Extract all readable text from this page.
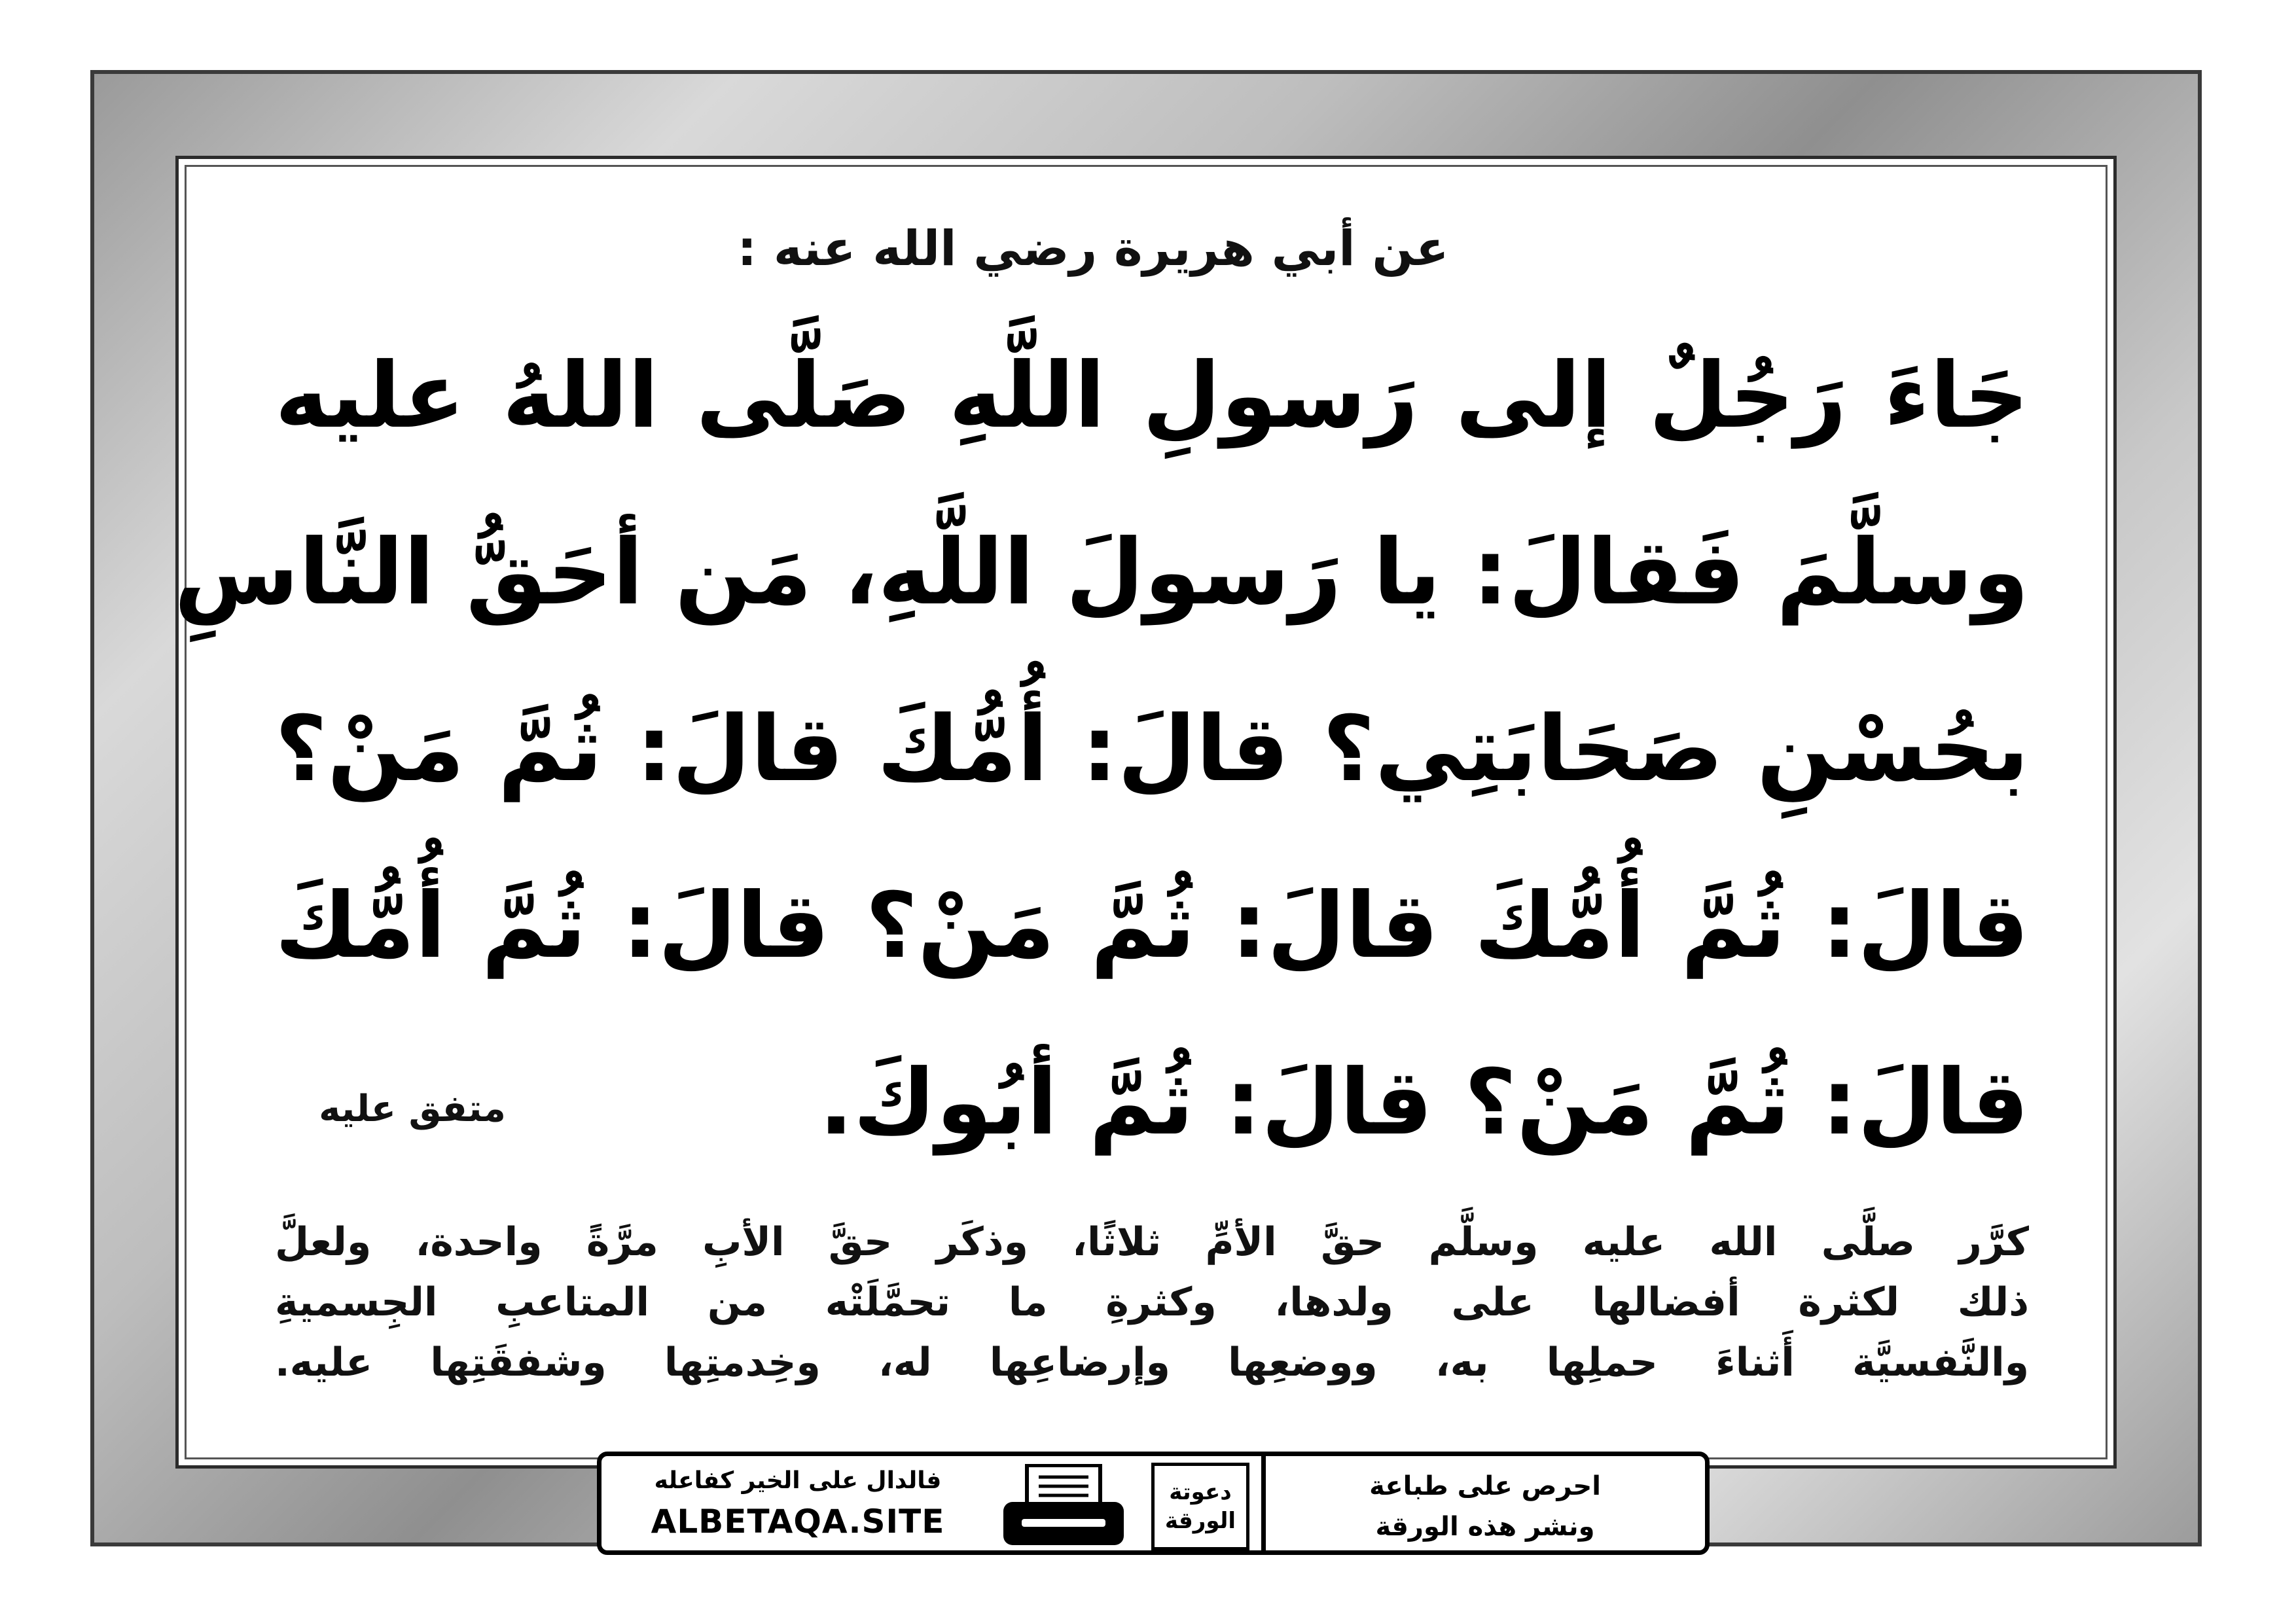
عن أبي هريرة رضي الله عنه :
جَاءَ رَجُلٌ إلى رَسولِ اللَّهِ صَلَّى اللهُ عليه
وسلَّمَ فَقالَ: يا رَسولَ اللَّهِ، مَن أحَقُّ النَّاسِ
بحُسْنِ صَحَابَتِي؟ قالَ: أُمُّكَ قالَ: ثُمَّ مَنْ؟
قالَ: ثُمَّ أُمُّكَ قالَ: ثُمَّ مَنْ؟ قالَ: ثُمَّ أُمُّكَ
قالَ: ثُمَّ مَنْ؟ قالَ: ثُمَّ أبُوكَ.
متفق عليه
كرَّر صلَّى الله عليه وسلَّم حقَّ الأمِّ ثلاثًا، وذكَر حقَّ الأبِ مرَّةً واحدة، ولعلَّ
ذلك لكثرة أفضالها على ولدها، وكثرةِ ما تحمَّلَتْه من المتاعبِ الجِسميةِ
والنَّفسيَّة أَثناءَ حملِها به، ووضعِها وإرضاعِها له، وخِدمتِها وشفقَتِها عليه.
فالدال على الخير كفاعله
ALBETAQA.SITE
دعوتة
الورقة
احرص على طباعة
ونشر هذه الورقة
